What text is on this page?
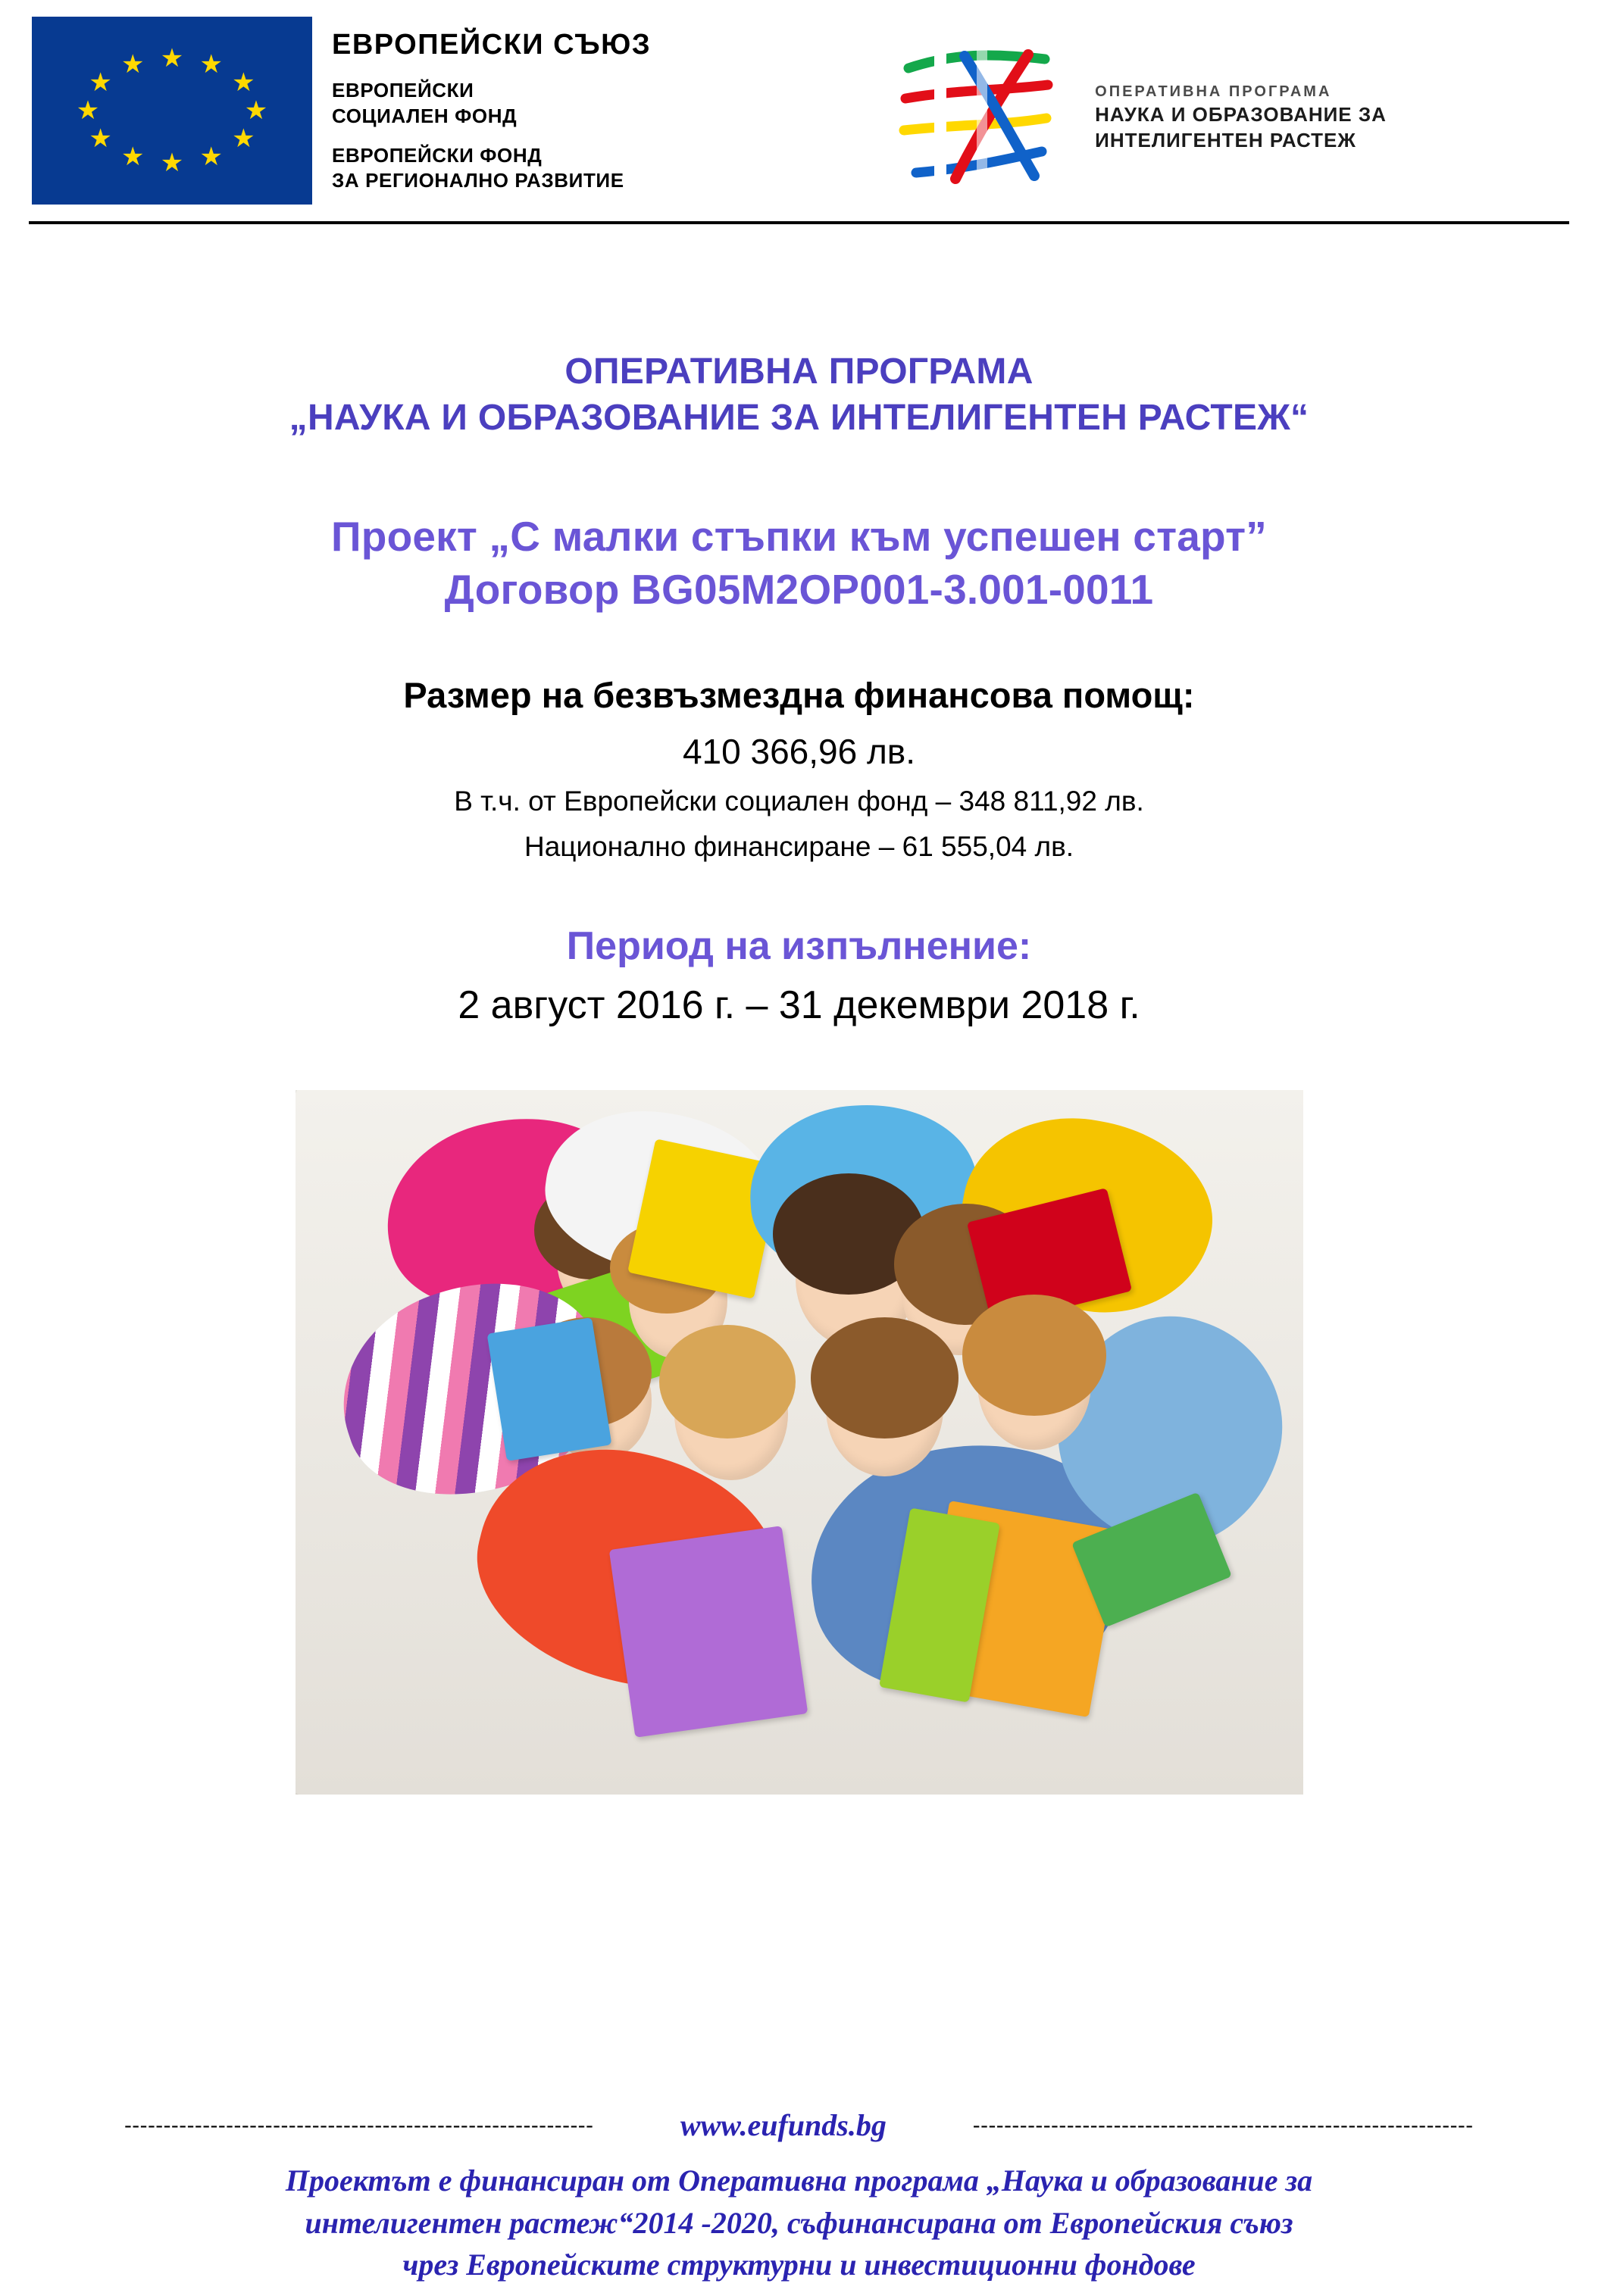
★ ★
★
★
★
★
★
★
★
★
★
★
ЕВРОПЕЙСКИ СЪЮЗ
ЕВРОПЕЙСКИ
СОЦИАЛЕН ФОНД
ЕВРОПЕЙСКИ ФОНД
ЗА РЕГИОНАЛНО РАЗВИТИЕ
ОПЕРАТИВНА ПРОГРАМА
НАУКА И ОБРАЗОВАНИЕ ЗА
ИНТЕЛИГЕНТЕН РАСТЕЖ
ОПЕРАТИВНА ПРОГРАМА
„НАУКА И ОБРАЗОВАНИЕ ЗА ИНТЕЛИГЕНТЕН РАСТЕЖ“
Проект „С малки стъпки към успешен старт”
Договор BG05M2OP001-3.001-0011
Размер на безвъзмездна финансова помощ:
410 366,96 лв.
В т.ч. от Европейски социален фонд – 348 811,92 лв.
Национално финансиране – 61 555,04 лв.
Период на изпълнение:
2 август 2016 г. – 31 декември 2018 г.
------------------------------------------------------------	www.eufunds.bg	----------------------------------------------------------------
Проектът е финансиран от Оперативна програма „Наука и образование за
интелигентен растеж“2014 -2020, съфинансирана от Европейския съюз
чрез Европейските структурни и инвестиционни фондове
